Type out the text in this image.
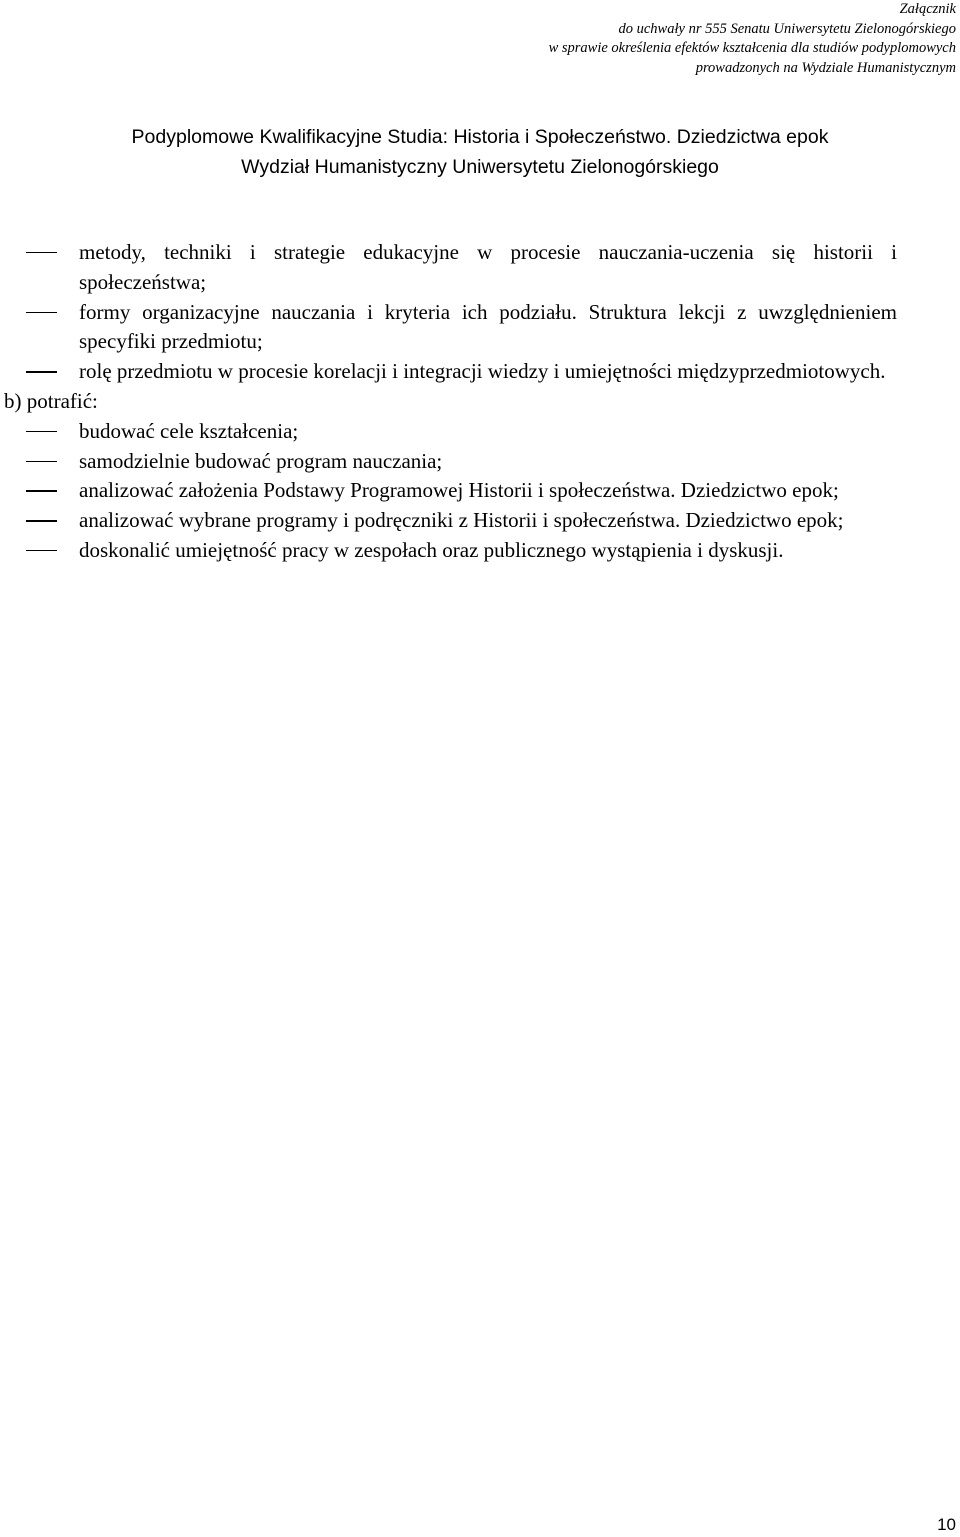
Załącznik
do uchwały nr 555 Senatu Uniwersytetu Zielonogórskiego
w sprawie określenia efektów kształcenia dla studiów podyplomowych
prowadzonych na Wydziale Humanistycznym
Podyplomowe Kwalifikacyjne Studia: Historia i Społeczeństwo. Dziedzictwa epok
Wydział Humanistyczny Uniwersytetu Zielonogórskiego
metody, techniki i strategie edukacyjne w procesie nauczania-uczenia się historii i społeczeństwa;
formy organizacyjne nauczania i kryteria ich podziału. Struktura lekcji z uwzględnieniem specyfiki przedmiotu;
rolę przedmiotu w procesie korelacji i integracji wiedzy i umiejętności międzyprzedmiotowych.
b) potrafić:
budować cele kształcenia;
samodzielnie budować program nauczania;
analizować założenia Podstawy Programowej Historii i społeczeństwa. Dziedzictwo epok;
analizować wybrane programy i podręczniki z Historii i społeczeństwa. Dziedzictwo epok;
doskonalić umiejętność pracy w zespołach oraz publicznego wystąpienia i dyskusji.
10
